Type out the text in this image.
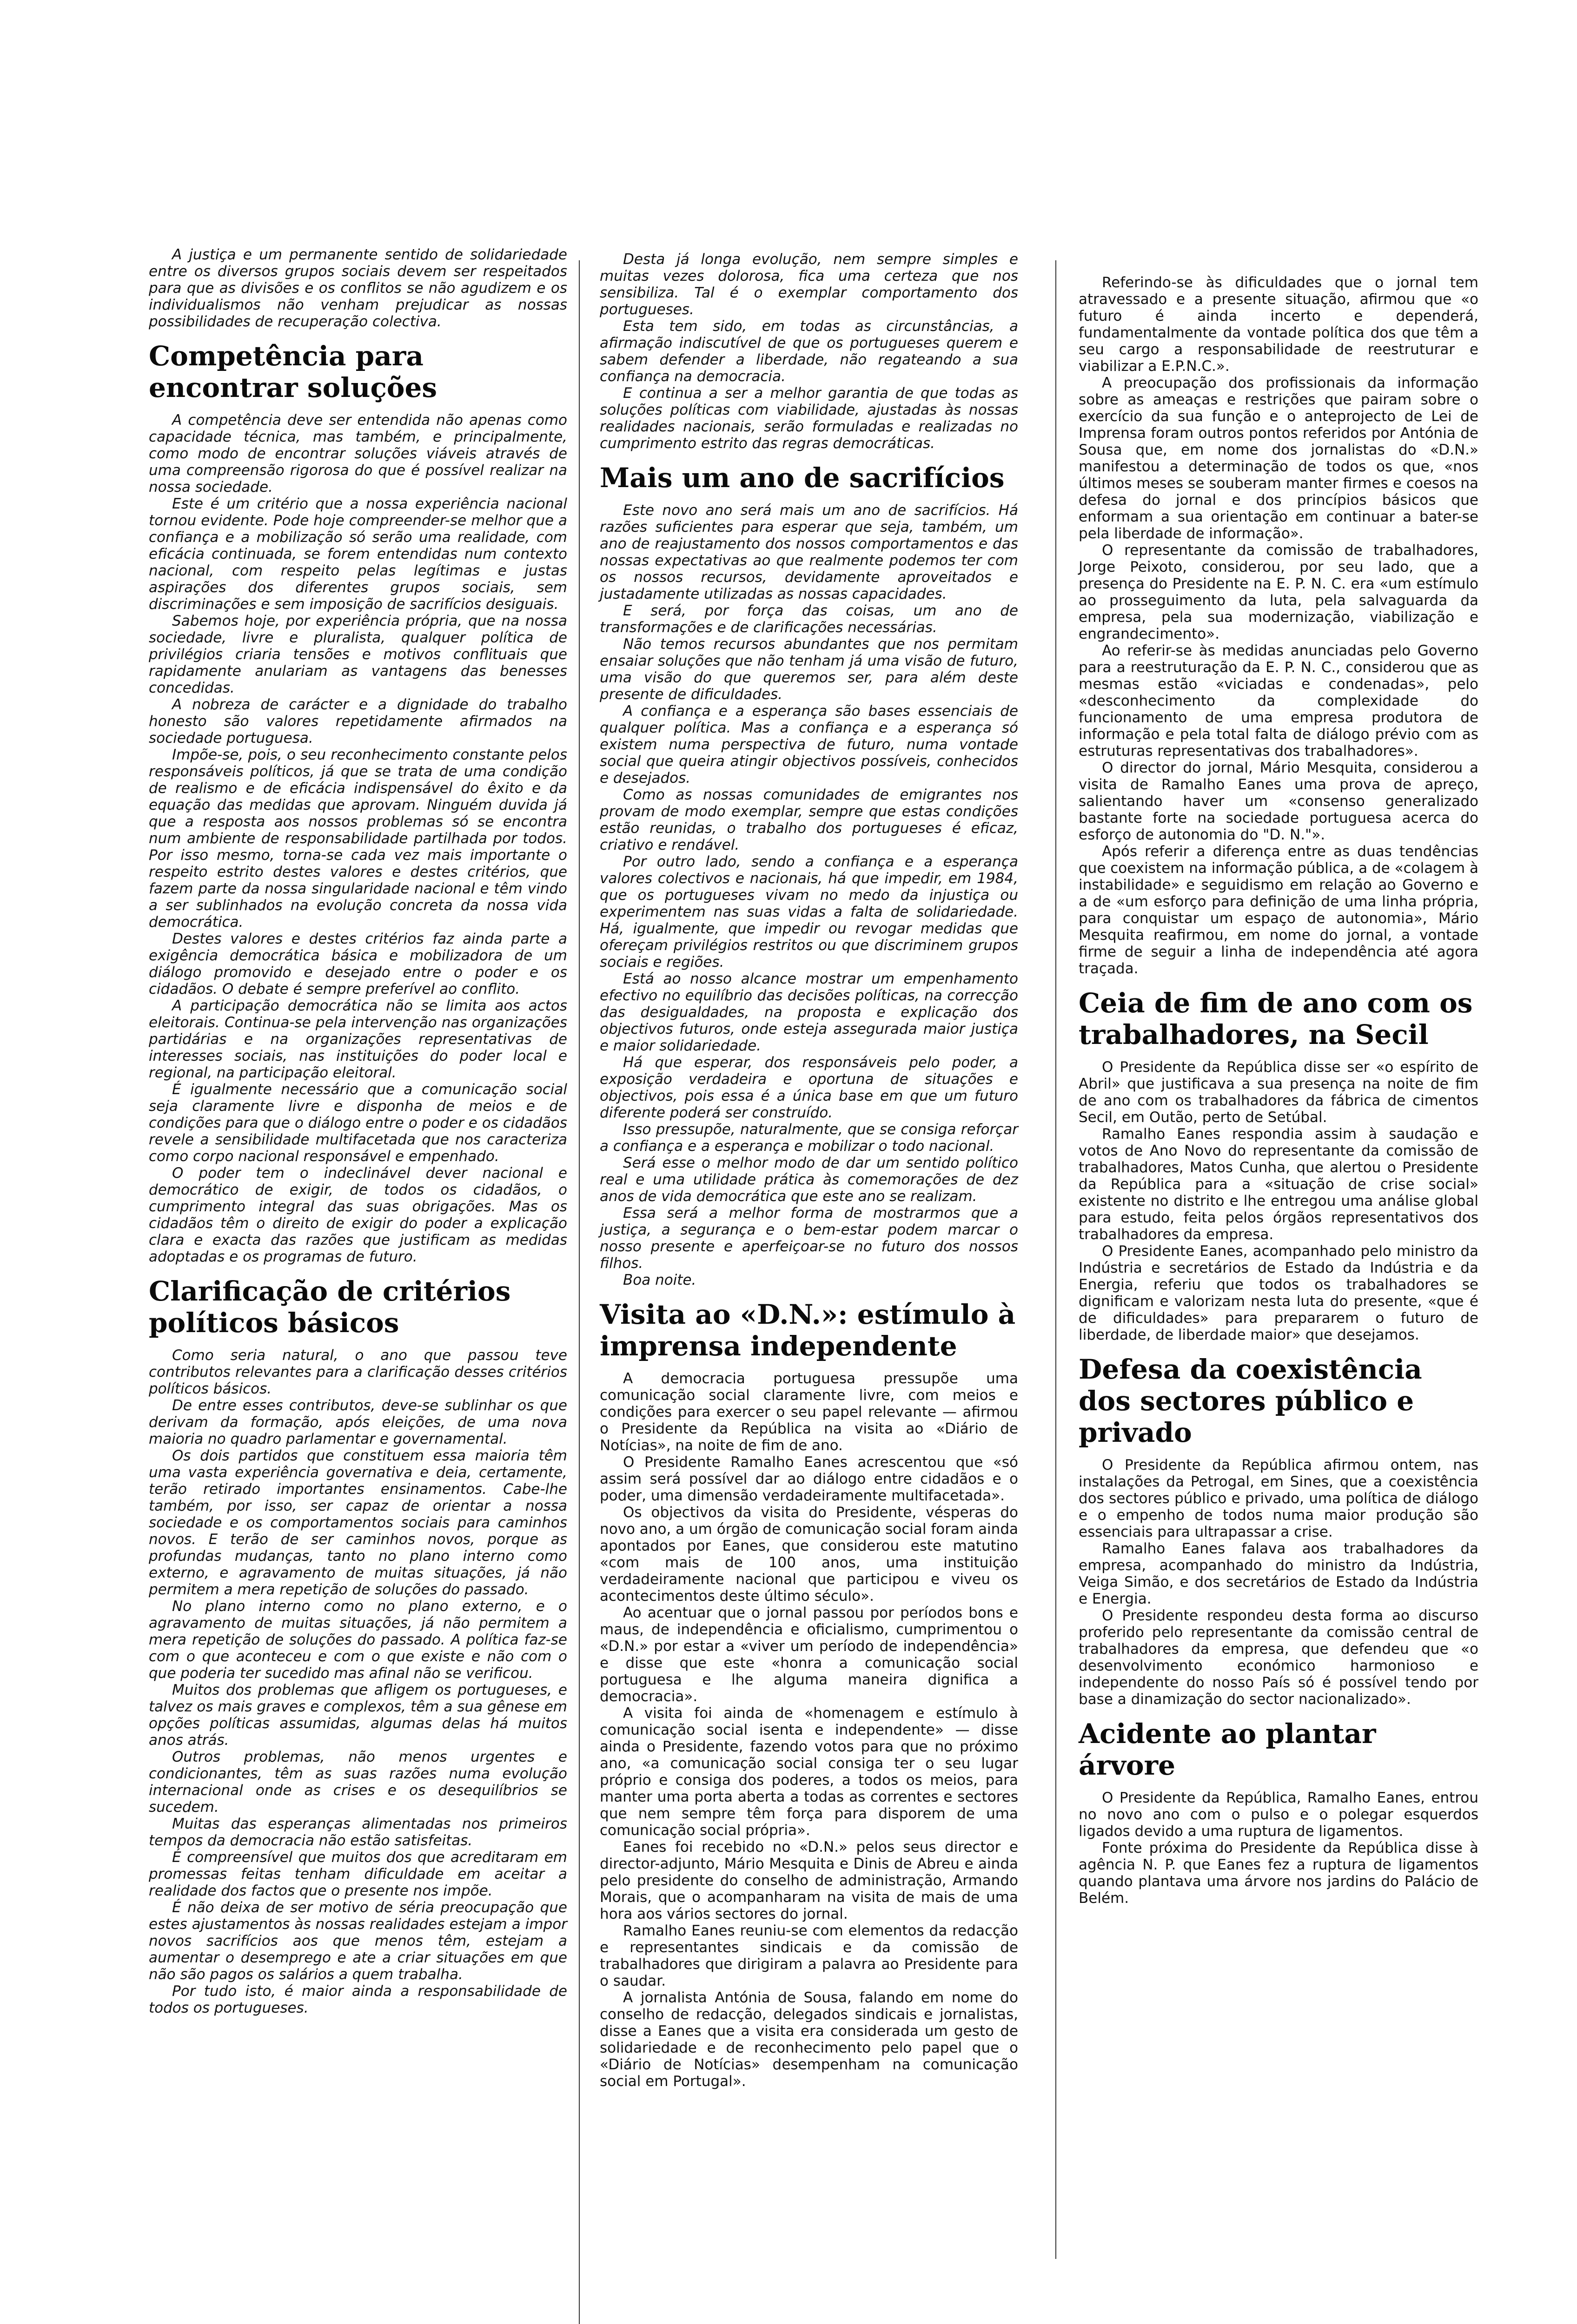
A justiça e um permanente sentido de solidariedade entre os diversos grupos sociais devem ser respeitados para que as divisões e os conflitos se não agudizem e os individualismos não venham prejudicar as nossas possibilidades de recuperação colectiva.

Competência para encontrar soluções

A competência deve ser entendida não apenas como capacidade técnica, mas também, e principalmente, como modo de encontrar soluções viáveis através de uma compreensão rigorosa do que é possível realizar na nossa sociedade.

Este é um critério que a nossa experiência nacional tornou evidente. Pode hoje compreender-se melhor que a confiança e a mobilização só serão uma realidade, com eficácia continuada, se forem entendidas num contexto nacional, com respeito pelas legítimas e justas aspirações dos diferentes grupos sociais, sem discriminações e sem imposição de sacrifícios desiguais.

Sabemos hoje, por experiência própria, que na nossa sociedade, livre e pluralista, qualquer política de privilégios criaria tensões e motivos conflituais que rapidamente anulariam as vantagens das benesses concedidas.

A nobreza de carácter e a dignidade do trabalho honesto são valores repetidamente afirmados na sociedade portuguesa.

Impõe-se, pois, o seu reconhecimento constante pelos responsáveis políticos, já que se trata de uma condição de realismo e de eficácia indispensável do êxito e da equação das medidas que aprovam. Ninguém duvida já que a resposta aos nossos problemas só se encontra num ambiente de responsabilidade partilhada por todos. Por isso mesmo, torna-se cada vez mais importante o respeito estrito destes valores e destes critérios, que fazem parte da nossa singularidade nacional e têm vindo a ser sublinhados na evolução concreta da nossa vida democrática.

Destes valores e destes critérios faz ainda parte a exigência democrática básica e mobilizadora de um diálogo promovido e desejado entre o poder e os cidadãos. O debate é sempre preferível ao conflito.

A participação democrática não se limita aos actos eleitorais. Continua-se pela intervenção nas organizações partidárias e na organizações representativas de interesses sociais, nas instituições do poder local e regional, na participação eleitoral.

É igualmente necessário que a comunicação social seja claramente livre e disponha de meios e de condições para que o diálogo entre o poder e os cidadãos revele a sensibilidade multifacetada que nos caracteriza como corpo nacional responsável e empenhado.

O poder tem o indeclinável dever nacional e democrático de exigir, de todos os cidadãos, o cumprimento integral das suas obrigações. Mas os cidadãos têm o direito de exigir do poder a explicação clara e exacta das razões que justificam as medidas adoptadas e os programas de futuro.

Clarificação de critérios políticos básicos

Como seria natural, o ano que passou teve contributos relevantes para a clarificação desses critérios políticos básicos.

De entre esses contributos, deve-se sublinhar os que derivam da formação, após eleições, de uma nova maioria no quadro parlamentar e governamental.

Os dois partidos que constituem essa maioria têm uma vasta experiência governativa e deia, certamente, terão retirado importantes ensinamentos. Cabe-lhe também, por isso, ser capaz de orientar a nossa sociedade e os comportamentos sociais para caminhos novos. E terão de ser caminhos novos, porque as profundas mudanças, tanto no plano interno como externo, e agravamento de muitas situações, já não permitem a mera repetição de soluções do passado.

No plano interno como no plano externo, e o agravamento de muitas situações, já não permitem a mera repetição de soluções do passado. A política faz-se com o que aconteceu e com o que existe e não com o que poderia ter sucedido mas afinal não se verificou.

Muitos dos problemas que afligem os portugueses, e talvez os mais graves e complexos, têm a sua gênese em opções políticas assumidas, algumas delas há muitos anos atrás.

Outros problemas, não menos urgentes e condicionantes, têm as suas razões numa evolução internacional onde as crises e os desequilíbrios se sucedem.

Muitas das esperanças alimentadas nos primeiros tempos da democracia não estão satisfeitas.

É compreensível que muitos dos que acreditaram em promessas feitas tenham dificuldade em aceitar a realidade dos factos que o presente nos impõe.

É não deixa de ser motivo de séria preocupação que estes ajustamentos às nossas realidades estejam a impor novos sacrifícios aos que menos têm, estejam a aumentar o desemprego e ate a criar situações em que não são pagos os salários a quem trabalha.

Por tudo isto, é maior ainda a responsabilidade de todos os portugueses.

Desta já longa evolução, nem sempre simples e muitas vezes dolorosa, fica uma certeza que nos sensibiliza. Tal é o exemplar comportamento dos portugueses.

Esta tem sido, em todas as circunstâncias, a afirmação indiscutível de que os portugueses querem e sabem defender a liberdade, não regateando a sua confiança na democracia.

E continua a ser a melhor garantia de que todas as soluções políticas com viabilidade, ajustadas às nossas realidades nacionais, serão formuladas e realizadas no cumprimento estrito das regras democráticas.

Mais um ano de sacrifícios

Este novo ano será mais um ano de sacrifícios. Há razões suficientes para esperar que seja, também, um ano de reajustamento dos nossos comportamentos e das nossas expectativas ao que realmente podemos ter com os nossos recursos, devidamente aproveitados e justadamente utilizadas as nossas capacidades.

E será, por força das coisas, um ano de transformações e de clarificações necessárias.

Não temos recursos abundantes que nos permitam ensaiar soluções que não tenham já uma visão de futuro, uma visão do que queremos ser, para além deste presente de dificuldades.

A confiança e a esperança são bases essenciais de qualquer política. Mas a confiança e a esperança só existem numa perspectiva de futuro, numa vontade social que queira atingir objectivos possíveis, conhecidos e desejados.

Como as nossas comunidades de emigrantes nos provam de modo exemplar, sempre que estas condições estão reunidas, o trabalho dos portugueses é eficaz, criativo e rendável.

Por outro lado, sendo a confiança e a esperança valores colectivos e nacionais, há que impedir, em 1984, que os portugueses vivam no medo da injustiça ou experimentem nas suas vidas a falta de solidariedade. Há, igualmente, que impedir ou revogar medidas que ofereçam privilégios restritos ou que discriminem grupos sociais e regiões.

Está ao nosso alcance mostrar um empenhamento efectivo no equilíbrio das decisões políticas, na correcção das desigualdades, na proposta e explicação dos objectivos futuros, onde esteja assegurada maior justiça e maior solidariedade.

Há que esperar, dos responsáveis pelo poder, a exposição verdadeira e oportuna de situações e objectivos, pois essa é a única base em que um futuro diferente poderá ser construído.

Isso pressupõe, naturalmente, que se consiga reforçar a confiança e a esperança e mobilizar o todo nacional.

Será esse o melhor modo de dar um sentido político real e uma utilidade prática às comemorações de dez anos de vida democrática que este ano se realizam.

Essa será a melhor forma de mostrarmos que a justiça, a segurança e o bem-estar podem marcar o nosso presente e aperfeiçoar-se no futuro dos nossos filhos.

Boa noite.

Visita ao «D.N.»: estímulo à imprensa independente

A democracia portuguesa pressupõe uma comunicação social claramente livre, com meios e condições para exercer o seu papel relevante — afirmou o Presidente da República na visita ao «Diário de Notícias», na noite de fim de ano.

O Presidente Ramalho Eanes acrescentou que «só assim será possível dar ao diálogo entre cidadãos e o poder, uma dimensão verdadeiramente multifacetada».

Os objectivos da visita do Presidente, vésperas do novo ano, a um órgão de comunicação social foram ainda apontados por Eanes, que considerou este matutino «com mais de 100 anos, uma instituição verdadeiramente nacional que participou e viveu os acontecimentos deste último século».

Ao acentuar que o jornal passou por períodos bons e maus, de independência e oficialismo, cumprimentou o «D.N.» por estar a «viver um período de independência» e disse que este «honra a comunicação social portuguesa e lhe alguma maneira dignifica a democracia».

A visita foi ainda de «homenagem e estímulo à comunicação social isenta e independente» — disse ainda o Presidente, fazendo votos para que no próximo ano, «a comunicação social consiga ter o seu lugar próprio e consiga dos poderes, a todos os meios, para manter uma porta aberta a todas as correntes e sectores que nem sempre têm força para disporem de uma comunicação social própria».

Eanes foi recebido no «D.N.» pelos seus director e director-adjunto, Mário Mesquita e Dinis de Abreu e ainda pelo presidente do conselho de administração, Armando Morais, que o acompanharam na visita de mais de uma hora aos vários sectores do jornal.

Ramalho Eanes reuniu-se com elementos da redacção e representantes sindicais e da comissão de trabalhadores que dirigiram a palavra ao Presidente para o saudar.

A jornalista Antónia de Sousa, falando em nome do conselho de redacção, delegados sindicais e jornalistas, disse a Eanes que a visita era considerada um gesto de solidariedade e de reconhecimento pelo papel que o «Diário de Notícias» desempenham na comunicação social em Portugal».

Referindo-se às dificuldades que o jornal tem atravessado e a presente situação, afirmou que «o futuro é ainda incerto e dependerá, fundamentalmente da vontade política dos que têm a seu cargo a responsabilidade de reestruturar e viabilizar a E.P.N.C.».

A preocupação dos profissionais da informação sobre as ameaças e restrições que pairam sobre o exercício da sua função e o anteprojecto de Lei de Imprensa foram outros pontos referidos por Antónia de Sousa que, em nome dos jornalistas do «D.N.» manifestou a determinação de todos os que, «nos últimos meses se souberam manter firmes e coesos na defesa do jornal e dos princípios básicos que enformam a sua orientação em continuar a bater-se pela liberdade de informação».

O representante da comissão de trabalhadores, Jorge Peixoto, considerou, por seu lado, que a presença do Presidente na E. P. N. C. era «um estímulo ao prosseguimento da luta, pela salvaguarda da empresa, pela sua modernização, viabilização e engrandecimento».

Ao referir-se às medidas anunciadas pelo Governo para a reestruturação da E. P. N. C., considerou que as mesmas estão «viciadas e condenadas», pelo «desconhecimento da complexidade do funcionamento de uma empresa produtora de informação e pela total falta de diálogo prévio com as estruturas representativas dos trabalhadores».

O director do jornal, Mário Mesquita, considerou a visita de Ramalho Eanes uma prova de apreço, salientando haver um «consenso generalizado bastante forte na sociedade portuguesa acerca do esforço de autonomia do "D. N."».

Após referir a diferença entre as duas tendências que coexistem na informação pública, a de «colagem à instabilidade» e seguidismo em relação ao Governo e a de «um esforço para definição de uma linha própria, para conquistar um espaço de autonomia», Mário Mesquita reafirmou, em nome do jornal, a vontade firme de seguir a linha de independência até agora traçada.

Ceia de fim de ano com os trabalhadores, na Secil

O Presidente da República disse ser «o espírito de Abril» que justificava a sua presença na noite de fim de ano com os trabalhadores da fábrica de cimentos Secil, em Outão, perto de Setúbal.

Ramalho Eanes respondia assim à saudação e votos de Ano Novo do representante da comissão de trabalhadores, Matos Cunha, que alertou o Presidente da República para a «situação de crise social» existente no distrito e lhe entregou uma análise global para estudo, feita pelos órgãos representativos dos trabalhadores da empresa.

O Presidente Eanes, acompanhado pelo ministro da Indústria e secretários de Estado da Indústria e da Energia, referiu que todos os trabalhadores se dignificam e valorizam nesta luta do presente, «que é de dificuldades» para prepararem o futuro de liberdade, de liberdade maior» que desejamos.

Defesa da coexistência dos sectores público e privado

O Presidente da República afirmou ontem, nas instalações da Petrogal, em Sines, que a coexistência dos sectores público e privado, uma política de diálogo e o empenho de todos numa maior produção são essenciais para ultrapassar a crise.

Ramalho Eanes falava aos trabalhadores da empresa, acompanhado do ministro da Indústria, Veiga Simão, e dos secretários de Estado da Indústria e Energia.

O Presidente respondeu desta forma ao discurso proferido pelo representante da comissão central de trabalhadores da empresa, que defendeu que «o desenvolvimento económico harmonioso e independente do nosso País só é possível tendo por base a dinamização do sector nacionalizado».

Acidente ao plantar árvore

O Presidente da República, Ramalho Eanes, entrou no novo ano com o pulso e o polegar esquerdos ligados devido a uma ruptura de ligamentos.

Fonte próxima do Presidente da República disse à agência N. P. que Eanes fez a ruptura de ligamentos quando plantava uma árvore nos jardins do Palácio de Belém.
